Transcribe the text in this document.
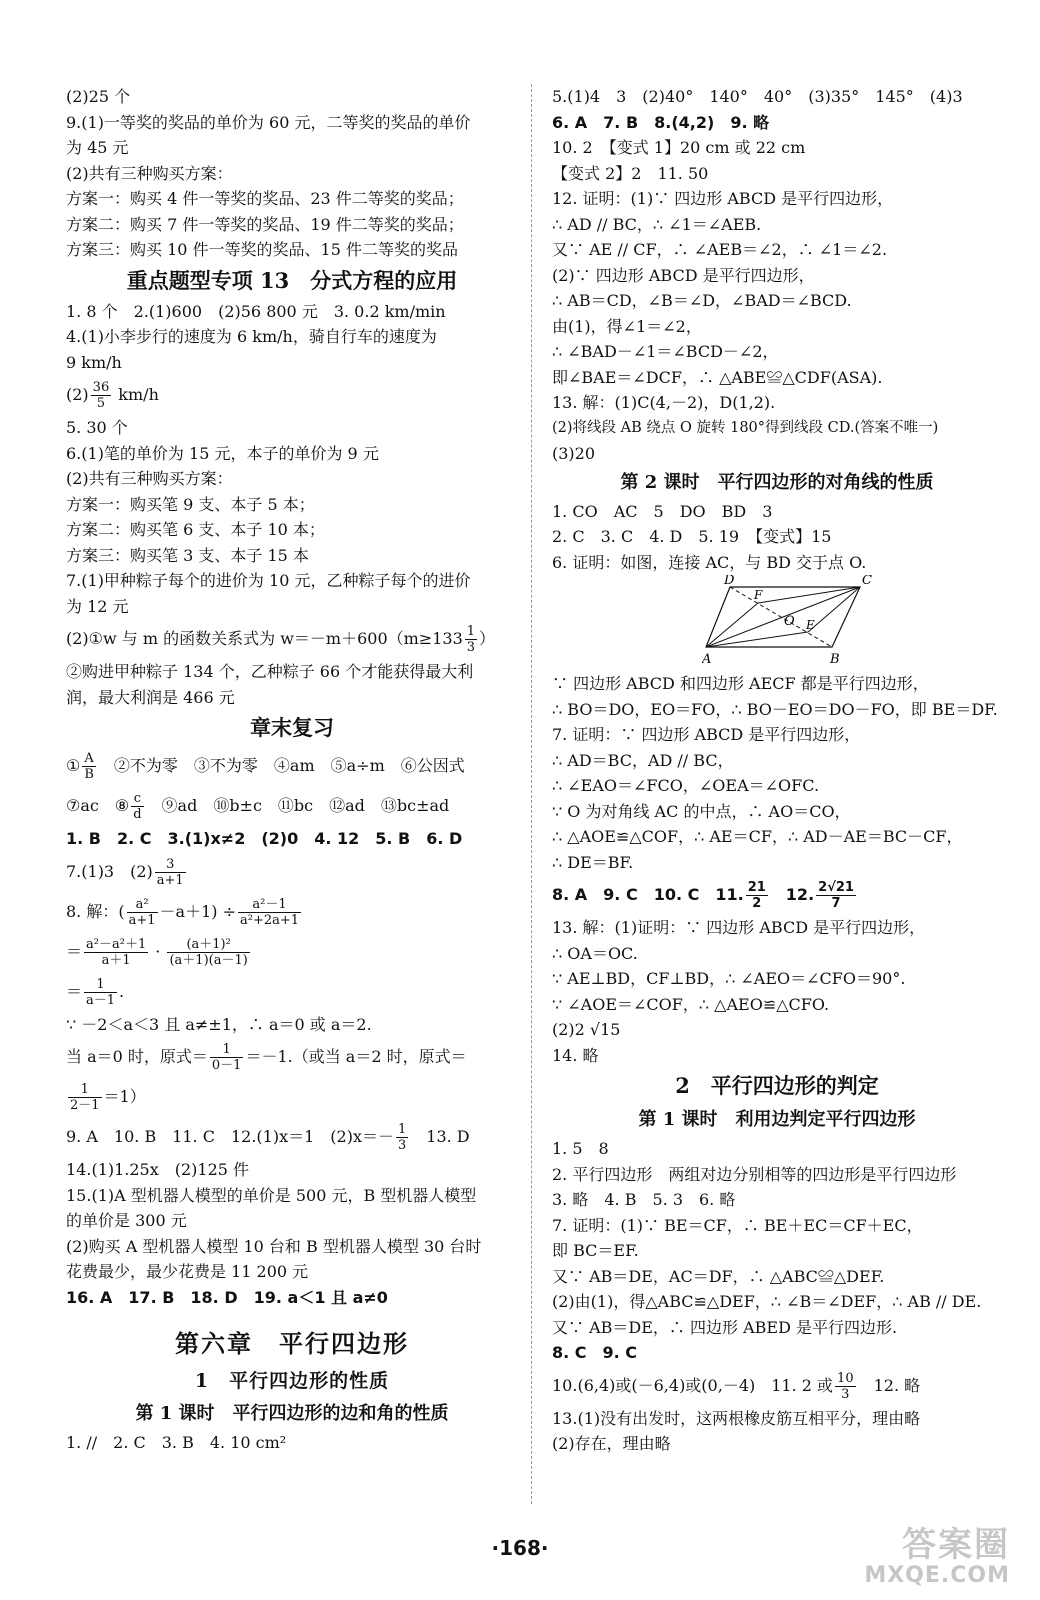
(2)25 个
9.(1)一等奖的奖品的单价为 60 元，二等奖的奖品的单价
为 45 元
(2)共有三种购买方案：
方案一：购买 4 件一等奖的奖品、23 件二等奖的奖品；
方案二：购买 7 件一等奖的奖品、19 件二等奖的奖品；
方案三：购买 10 件一等奖的奖品、15 件二等奖的奖品
重点题型专项 13　分式方程的应用
1. 8 个　2.(1)600　(2)56 800 元　3. 0.2 km/min
4.(1)小李步行的速度为 6 km/h，骑自行车的速度为
9 km/h
$(2) \frac{36}{5} km/h$
5. 30 个
6.(1)笔的单价为 15 元，本子的单价为 9 元
(2)共有三种购买方案：
方案一：购买笔 9 支、本子 5 本；
方案二：购买笔 6 支、本子 10 本；
方案三：购买笔 3 支、本子 15 本
7.(1)甲种粽子每个的进价为 10 元，乙种粽子每个的进价
为 12 元
(2)①w 与 m 的函数关系式为 $w=-m+600(m\ge 133 \frac{1}{3}$ ）
②购进甲种粽子 134 个，乙种粽子 66 个才能获得最大利
润，最大利润是 466 元
章末复习
① $\frac{A}{B}$ 　②不为零　③不为零　④am　⑤a÷m　⑥公因式
⑦ac　⑧ $\frac{c}{d}$ 　⑨ad　⑩b±c　⑪bc　⑫ad　⑬bc±ad
1. B　2. C　3.(1)x≠2　(2)0　4. 12　5. B　6. D
7.(1)3　$(2) \frac{3}{a+1}$
8. 解：( $\frac{\text{a²}}{a+1} -a+1) \div \frac{\text{a²－1}}{\text{a²+2a+1}}$
＝ $\frac{\text{a²－a²＋1}}{a+1} \cdot \frac{\text{(a＋1)²}}{(a+1)(a-1)}$
＝ $\frac{1}{a-1}$ .
∵ －2＜a＜3 且 a≠±1，∴ a＝0 或 a＝2.
当 a＝0 时，原式＝ $\frac{1}{0-1} =-1$.（或当 a＝2 时，原式＝
$\frac{1}{2-1} =1$）
9. A　10. B　11. C　12.(1)x＝1　$(2)x=- \frac{1}{3}$ 　13. D
14.(1)1.25x　(2)125 件
15.(1)A 型机器人模型的单价是 500 元，B 型机器人模型
的单价是 300 元
(2)购买 A 型机器人模型 10 台和 B 型机器人模型 30 台时
花费最少，最少花费是 11 200 元
16. A　17. B　18. D　19. a＜1 且 a≠0
第六章　平行四边形
1　平行四边形的性质
第 1 课时　平行四边形的边和角的性质
1. //　2. C　3. B　4. 10 cm²
5.(1)4　3　(2)40°　140°　40°　(3)35°　145°　(4)3
6. A　7. B　8.(4,2)　9. 略
10. 2　【变式 1】20 cm 或 22 cm
【变式 2】2　11. 50
12. 证明：(1)∵ 四边形 ABCD 是平行四边形，
∴ AD // BC，∴ ∠1＝∠AEB.
又∵ AE // CF，∴ ∠AEB＝∠2，∴ ∠1＝∠2.
(2)∵ 四边形 ABCD 是平行四边形，
∴ AB＝CD，∠B＝∠D，∠BAD＝∠BCD.
由(1)，得∠1＝∠2，
∴ ∠BAD－∠1＝∠BCD－∠2，
即∠BAE＝∠DCF，∴ △ABE≌△CDF(ASA).
13. 解：(1)C(4,－2)，D(1,2).
(2)将线段 AB 绕点 O 旋转 180°得到线段 CD.(答案不唯一)
(3)20
第 2 课时　平行四边形的对角线的性质
1. CO　AC　5　DO　BD　3
2. C　3. C　4. D　5. 19　【变式】15
6. 证明：如图，连接 AC，与 BD 交于点 O.
D	C
A	B
F
E
O
∵ 四边形 ABCD 和四边形 AECF 都是平行四边形，
∴ BO＝DO，EO＝FO，∴ BO－EO＝DO－FO，即 BE＝DF.
7. 证明：∵ 四边形 ABCD 是平行四边形，
∴ AD＝BC，AD // BC，
∴ ∠EAO＝∠FCO，∠OEA＝∠OFC.
∵ O 为对角线 AC 的中点，∴ AO＝CO，
∴ △AOE≌△COF，∴ AE＝CF，∴ AD－AE＝BC－CF，
∴ DE＝BF.
8. A　9. C　10. C　11. $\frac{21}{2}$ 　12. $\frac{2√21}{7}$
13. 解：(1)证明：∵ 四边形 ABCD 是平行四边形，
∴ OA＝OC.
∵ AE⊥BD，CF⊥BD，∴ ∠AEO＝∠CFO＝90°.
∵ ∠AOE＝∠COF，∴ △AEO≌△CFO.
(2)2 √15
14. 略
2　平行四边形的判定
第 1 课时　利用边判定平行四边形
1. 5　8
2. 平行四边形　两组对边分别相等的四边形是平行四边形
3. 略　4. B　5. 3　6. 略
7. 证明：(1)∵ BE＝CF，∴ BE＋EC＝CF＋EC，
即 BC＝EF.
又∵ AB＝DE，AC＝DF，∴ △ABC≌△DEF.
(2)由(1)，得△ABC≌△DEF，∴ ∠B＝∠DEF，∴ AB // DE.
又∵ AB＝DE，∴ 四边形 ABED 是平行四边形.
8. C　9. C
10.(6,4)或(－6,4)或(0,－4)　11. 2 或 $\frac{10}{3}$ 　12. 略
13.(1)没有出发时，这两根橡皮筋互相平分，理由略
(2)存在，理由略
·168·	答案圈
MXQE.COM
